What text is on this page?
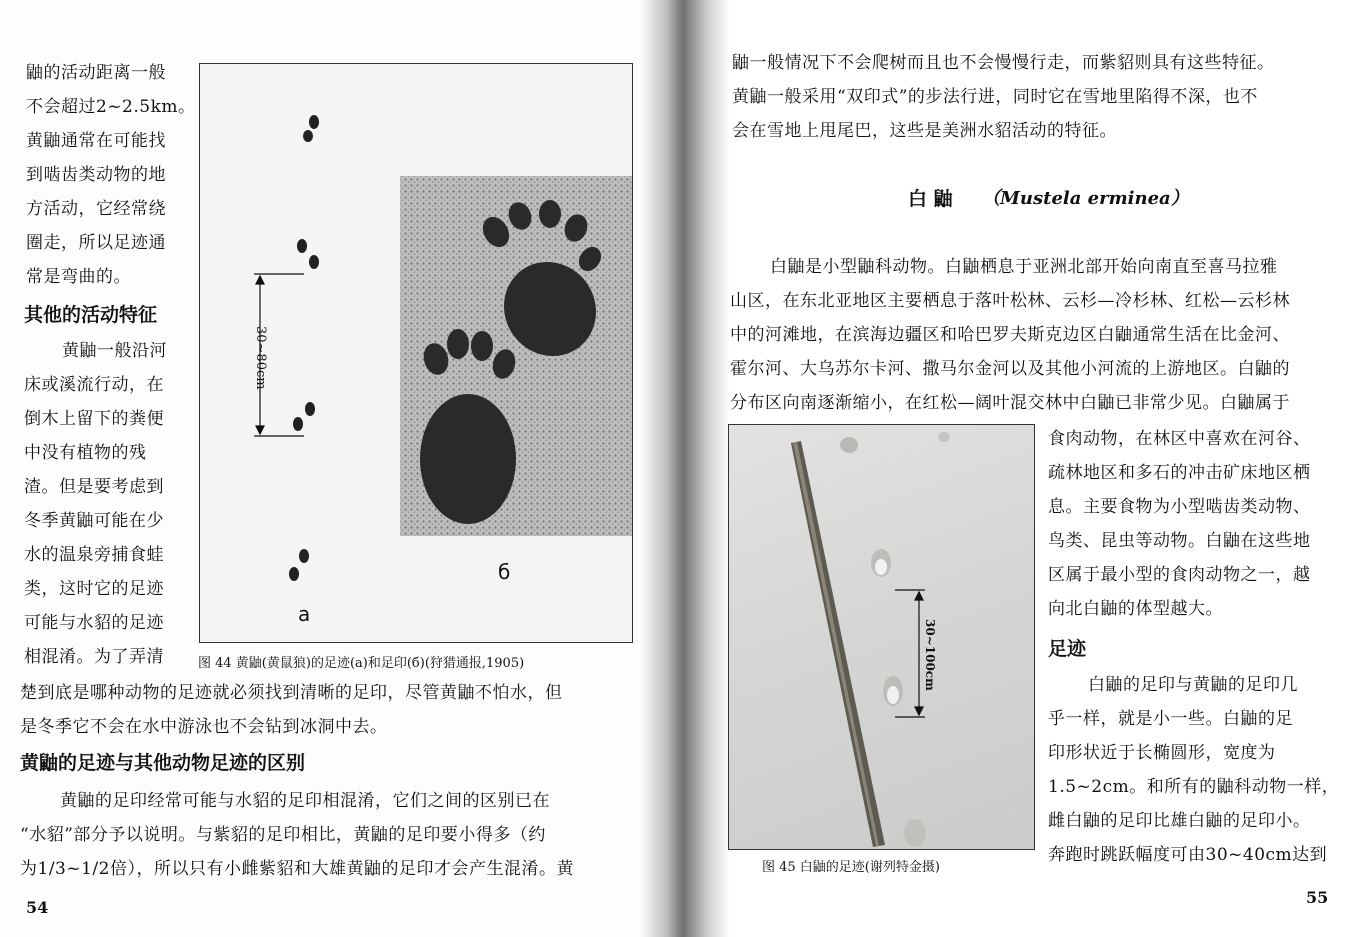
鼬的活动距离一般
不会超过2~2.5km。
黄鼬通常在可能找
到啮齿类动物的地
方活动，它经常绕
圈走，所以足迹通
常是弯曲的。
其他的活动特征
黄鼬一般沿河
床或溪流行动，在
倒木上留下的粪便
中没有植物的残
渣。但是要考虑到
冬季黄鼬可能在少
水的温泉旁捕食蛙
类，这时它的足迹
可能与水貂的足迹
相混淆。为了弄清
楚到底是哪种动物的足迹就必须找到清晰的足印，尽管黄鼬不怕水，但
是冬季它不会在水中游泳也不会钻到冰洞中去。
黄鼬的足迹与其他动物足迹的区别
黄鼬的足印经常可能与水貂的足印相混淆，它们之间的区别已在
“水貂”部分予以说明。与紫貂的足印相比，黄鼬的足印要小得多（约
为1/3~1/2倍），所以只有小雌紫貂和大雄黄鼬的足印才会产生混淆。黄
30~80cm
a
б
图 44 黄鼬(黄鼠狼)的足迹(a)和足印(б)(狩猎通报,1905)
54
鼬一般情况下不会爬树而且也不会慢慢行走，而紫貂则具有这些特征。
黄鼬一般采用“双印式”的步法行进，同时它在雪地里陷得不深，也不
会在雪地上甩尾巴，这些是美洲水貂活动的特征。
白 鼬 （Mustela erminea）
白鼬是小型鼬科动物。白鼬栖息于亚洲北部开始向南直至喜马拉雅
山区，在东北亚地区主要栖息于落叶松林、云杉—冷杉林、红松—云杉林
中的河滩地，在滨海边疆区和哈巴罗夫斯克边区白鼬通常生活在比金河、
霍尔河、大乌苏尔卡河、撒马尔金河以及其他小河流的上游地区。白鼬的
分布区向南逐渐缩小，在红松—阔叶混交林中白鼬已非常少见。白鼬属于
食肉动物，在林区中喜欢在河谷、
疏林地区和多石的冲击矿床地区栖
息。主要食物为小型啮齿类动物、
鸟类、昆虫等动物。白鼬在这些地
区属于最小型的食肉动物之一，越
向北白鼬的体型越大。
足迹
白鼬的足印与黄鼬的足印几
乎一样，就是小一些。白鼬的足
印形状近于长椭圆形，宽度为
1.5~2cm。和所有的鼬科动物一样，
雌白鼬的足印比雄白鼬的足印小。
奔跑时跳跃幅度可由30~40cm达到
30~100cm
图 45 白鼬的足迹(谢列特金摄)
55
